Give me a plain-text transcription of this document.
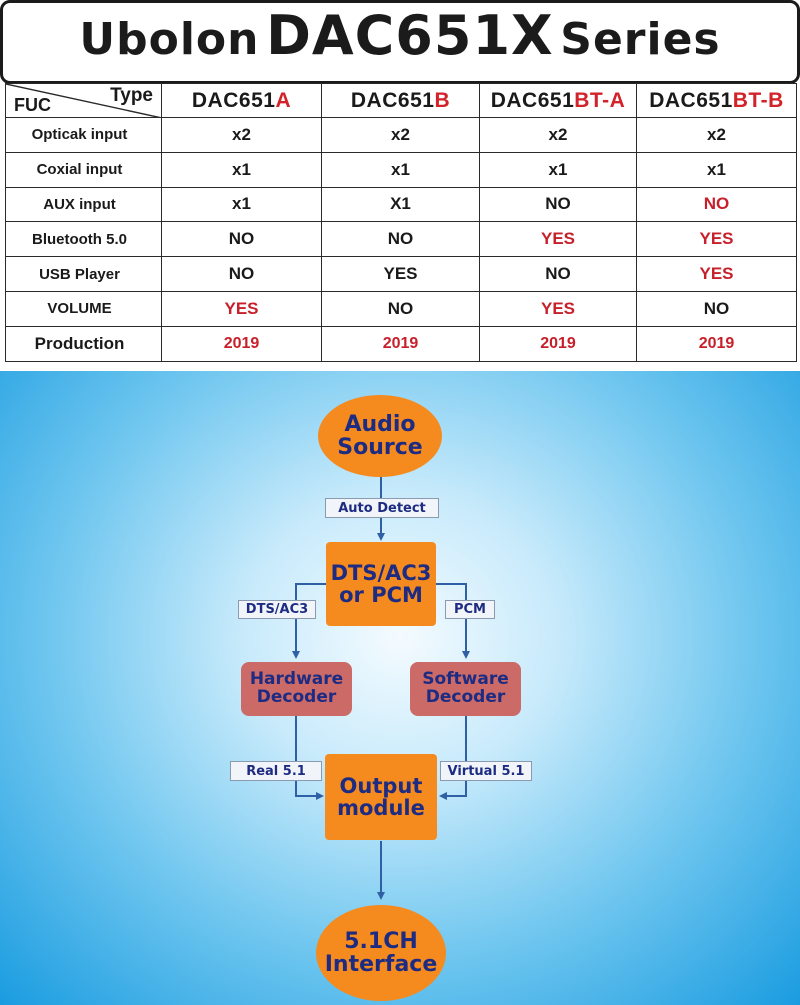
Ubolon DAC651X Series
Type
FUC	DAC651A	DAC651B	DAC651BT-A	DAC651BT-B
Opticak input	x2	x2	x2	x2
Coxial input	x1	x1	x1	x1
AUX input	x1	X1	NO	NO
Bluetooth 5.0	NO	NO	YES	YES
USB Player	NO	YES	NO	YES
VOLUME	YES	NO	YES	NO
Production	2019	2019	2019	2019
Audio
Source
Auto Detect
DTS/AC3
or PCM
DTS/AC3	PCM
Hardware
Decoder
Software
Decoder
Real 5.1	Virtual 5.1
Output
module
5.1CH
Interface
